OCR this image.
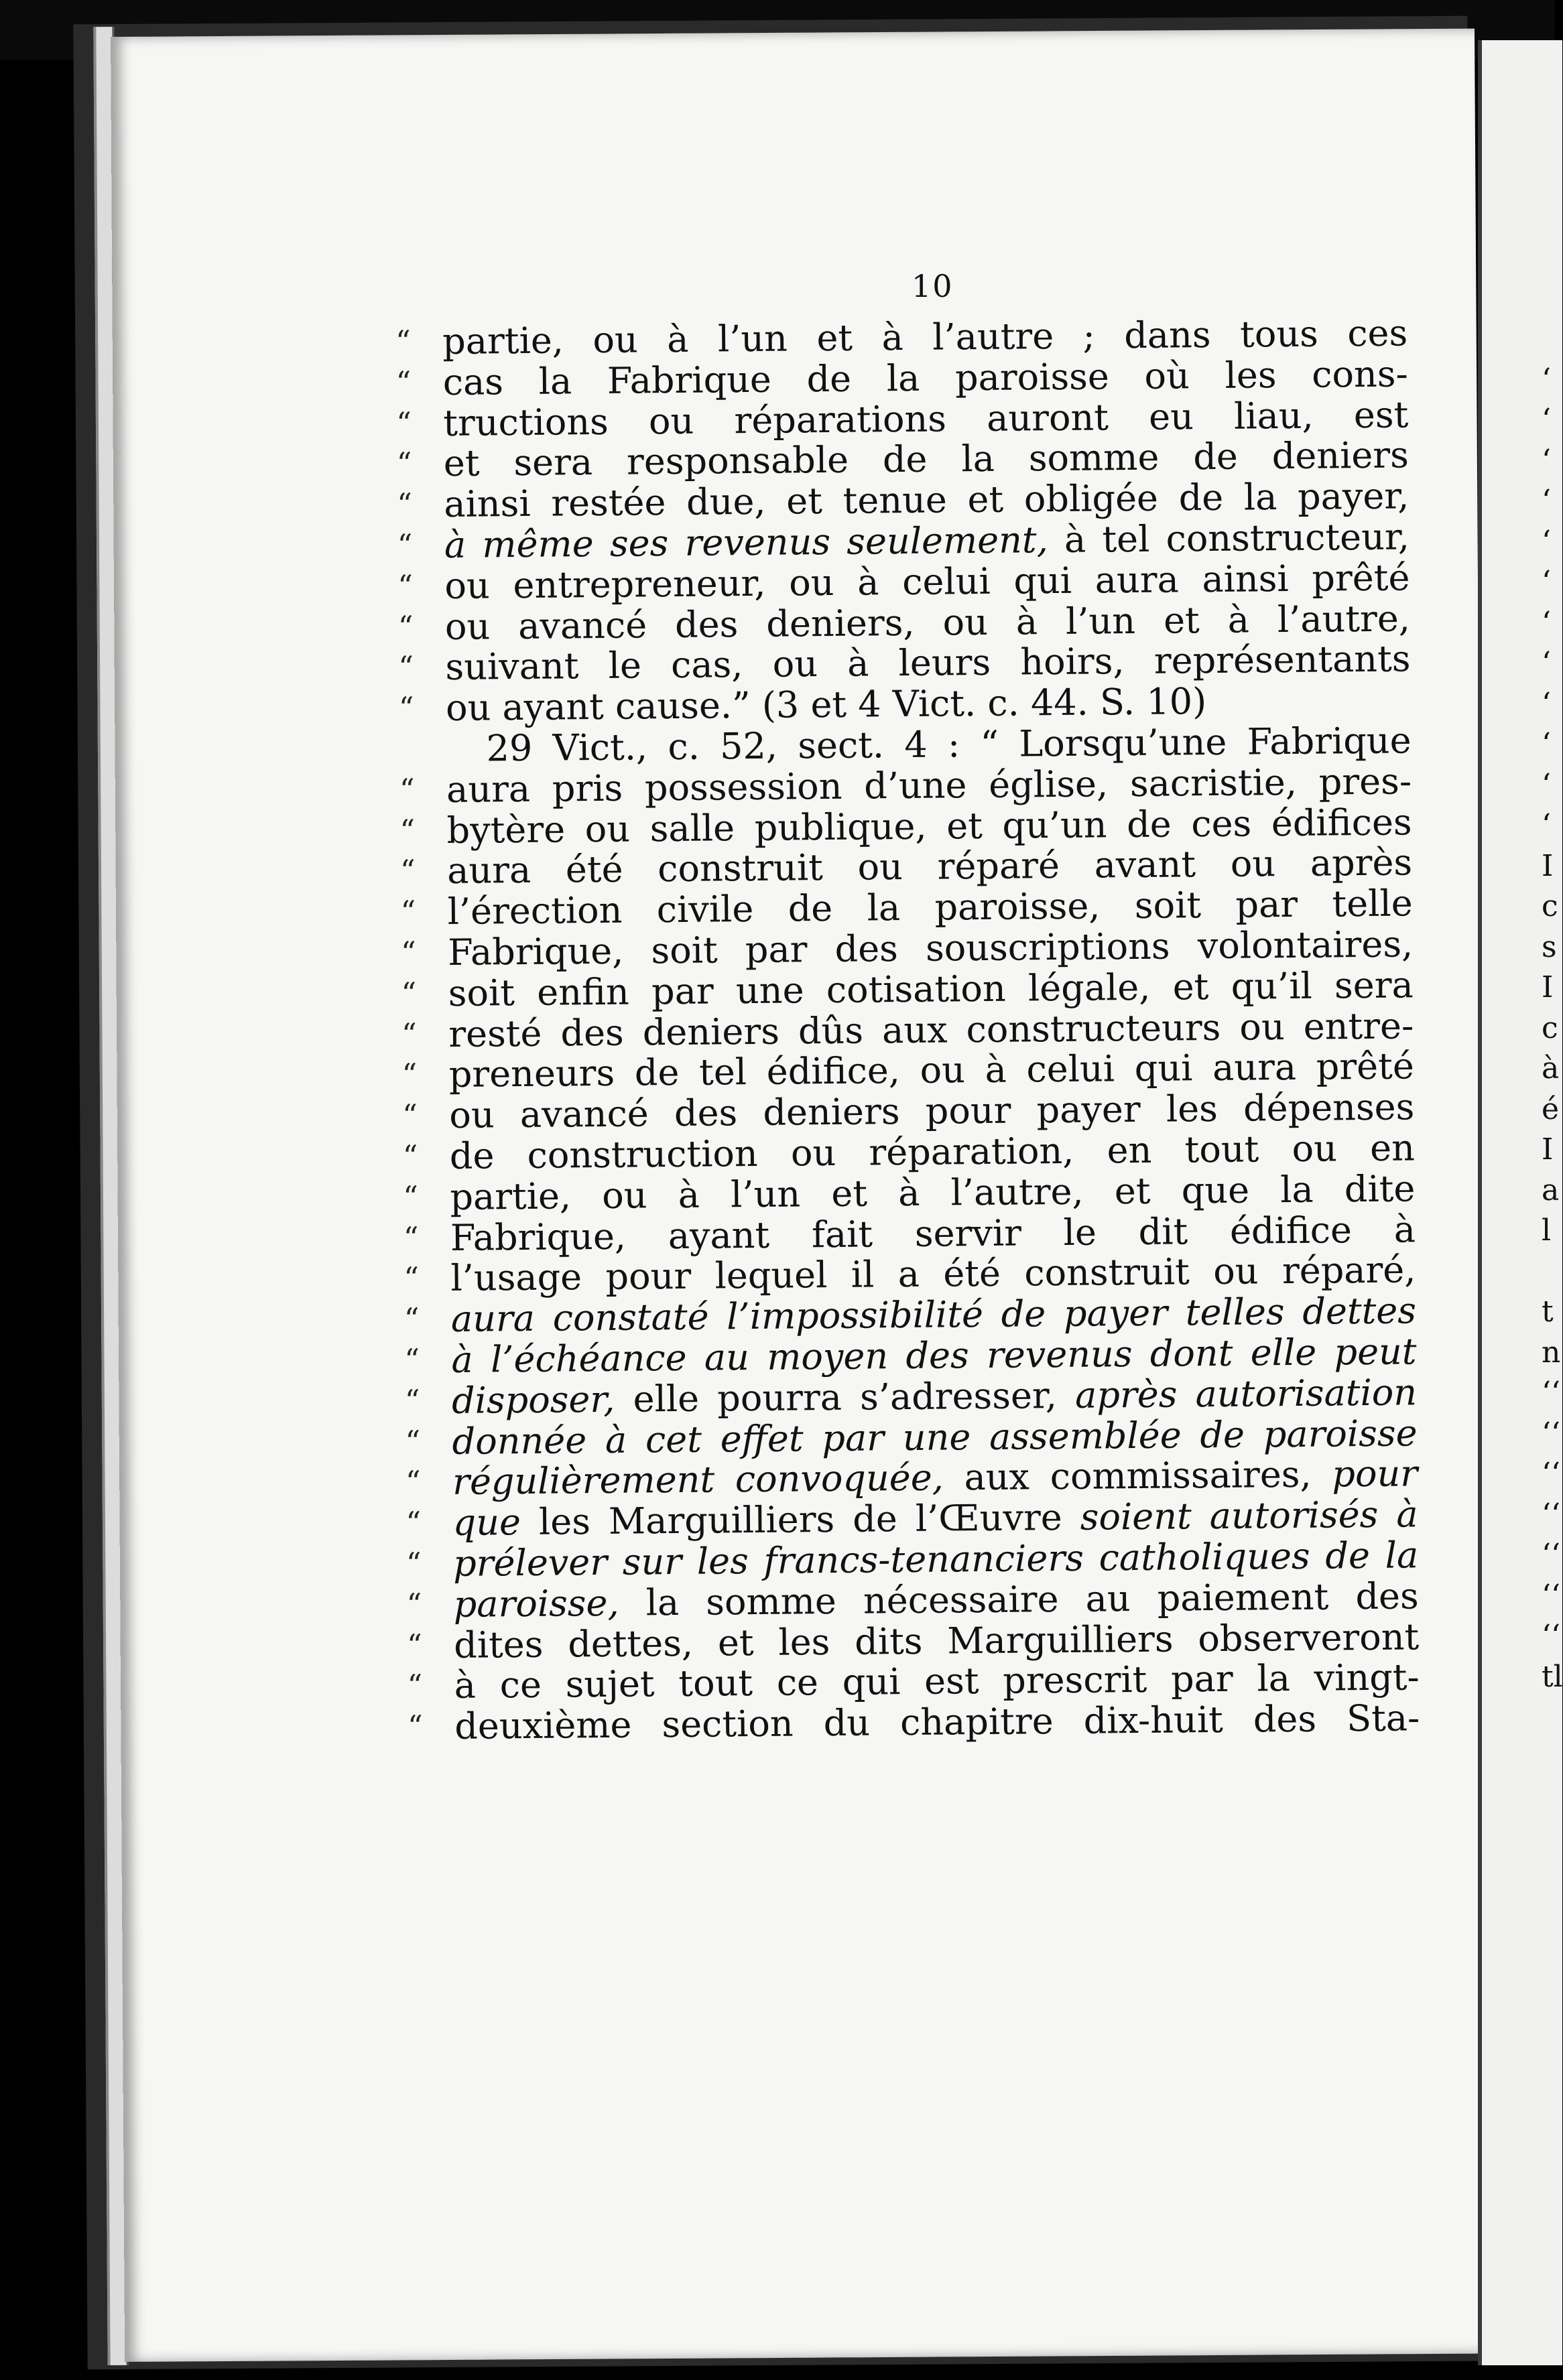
‘
‘
‘
‘
‘
‘
‘
‘
‘
‘
‘
‘
I
c
s
I
c
à
é
I
a
l
t
n
‘‘
‘‘
‘‘
‘‘
‘‘
‘‘
‘‘
tl
10
“ partie, ou à l’un et à l’autre ; dans tous ces
“ cas la Fabrique de la paroisse où les cons-
“ tructions ou réparations auront eu liau, est
“ et sera responsable de la somme de deniers
“ ainsi restée due, et tenue et obligée de la payer,
“ à même ses revenus seulement, à tel constructeur,
“ ou entrepreneur, ou à celui qui aura ainsi prêté
“ ou avancé des deniers, ou à l’un et à l’autre,
“ suivant le cas, ou à leurs hoirs, représentants
“ ou ayant cause.” (3 et 4 Vict. c. 44. S. 10)
29 Vict., c. 52, sect. 4 : “ Lorsqu’une Fabrique
“ aura pris possession d’une église, sacristie, pres-
“ bytère ou salle publique, et qu’un de ces édifices
“ aura été construit ou réparé avant ou après
“ l’érection civile de la paroisse, soit par telle
“ Fabrique, soit par des souscriptions volontaires,
“ soit enfin par une cotisation légale, et qu’il sera
“ resté des deniers dûs aux constructeurs ou entre-
“ preneurs de tel édifice, ou à celui qui aura prêté
“ ou avancé des deniers pour payer les dépenses
“ de construction ou réparation, en tout ou en
“ partie, ou à l’un et à l’autre, et que la dite
“ Fabrique, ayant fait servir le dit édifice à
“ l’usage pour lequel il a été construit ou réparé,
“ aura constaté l’impossibilité de payer telles dettes
“ à l’échéance au moyen des revenus dont elle peut
“ disposer, elle pourra s’adresser, après autorisation
“ donnée à cet effet par une assemblée de paroisse
“ régulièrement convoquée, aux commissaires, pour
“ que les Marguilliers de l’Œuvre soient autorisés à
“ prélever sur les francs-tenanciers catholiques de la
“ paroisse, la somme nécessaire au paiement des
“ dites dettes, et les dits Marguilliers observeront
“ à ce sujet tout ce qui est prescrit par la vingt-
“ deuxième section du chapitre dix-huit des Sta-
